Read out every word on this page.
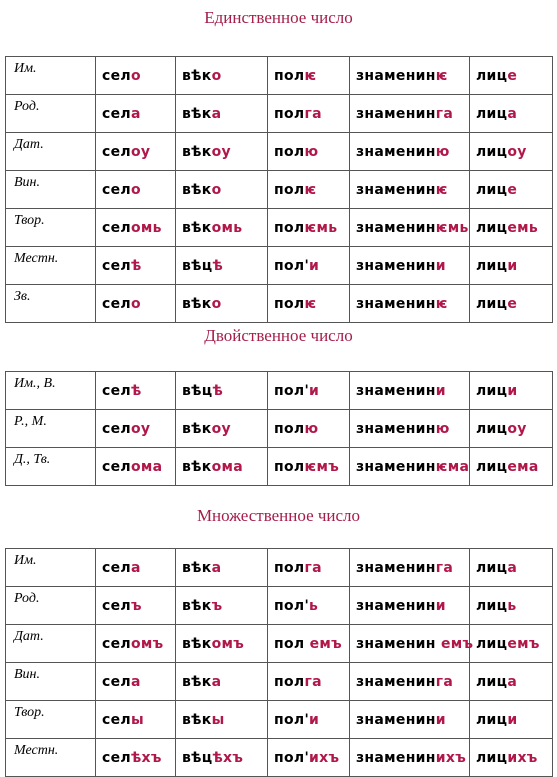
Единственное число
Им.	село	вѣко	полѥ	знаменинѥ	лице
Род.	села	вѣка	полга	знаменинга	лица
Дат.	селоу	вѣкоу	полю	знамениню	лицоу
Вин.	село	вѣко	полѥ	знаменинѥ	лице
Твор.	селомь	вѣкомь	полѥмь	знаменинѥмь	лицемь
Местн.	селѣ	вѣцѣ	пол'и	знаменини	лици
Зв.	село	вѣко	полѥ	знаменинѥ	лице
Двойственное число
Им., В.	селѣ	вѣцѣ	пол'и	знаменини	лици
Р., М.	селоу	вѣкоу	полю	знамениню	лицоу
Д., Тв.	селома	вѣкома	полѥмъ	знаменинѥма	лицема
Множественное число
Им.	села	вѣка	полга	знаменинга	лица
Род.	селъ	вѣкъ	пол'ь	знаменини	лиць
Дат.	селомъ	вѣкомъ	пол емъ	знаменин емъ	лицемъ
Вин.	села	вѣка	полга	знаменинга	лица
Твор.	селы	вѣкы	пол'и	знаменини	лици
Местн.	селѣхъ	вѣцѣхъ	пол'ихъ	знаменинихъ	лицихъ
